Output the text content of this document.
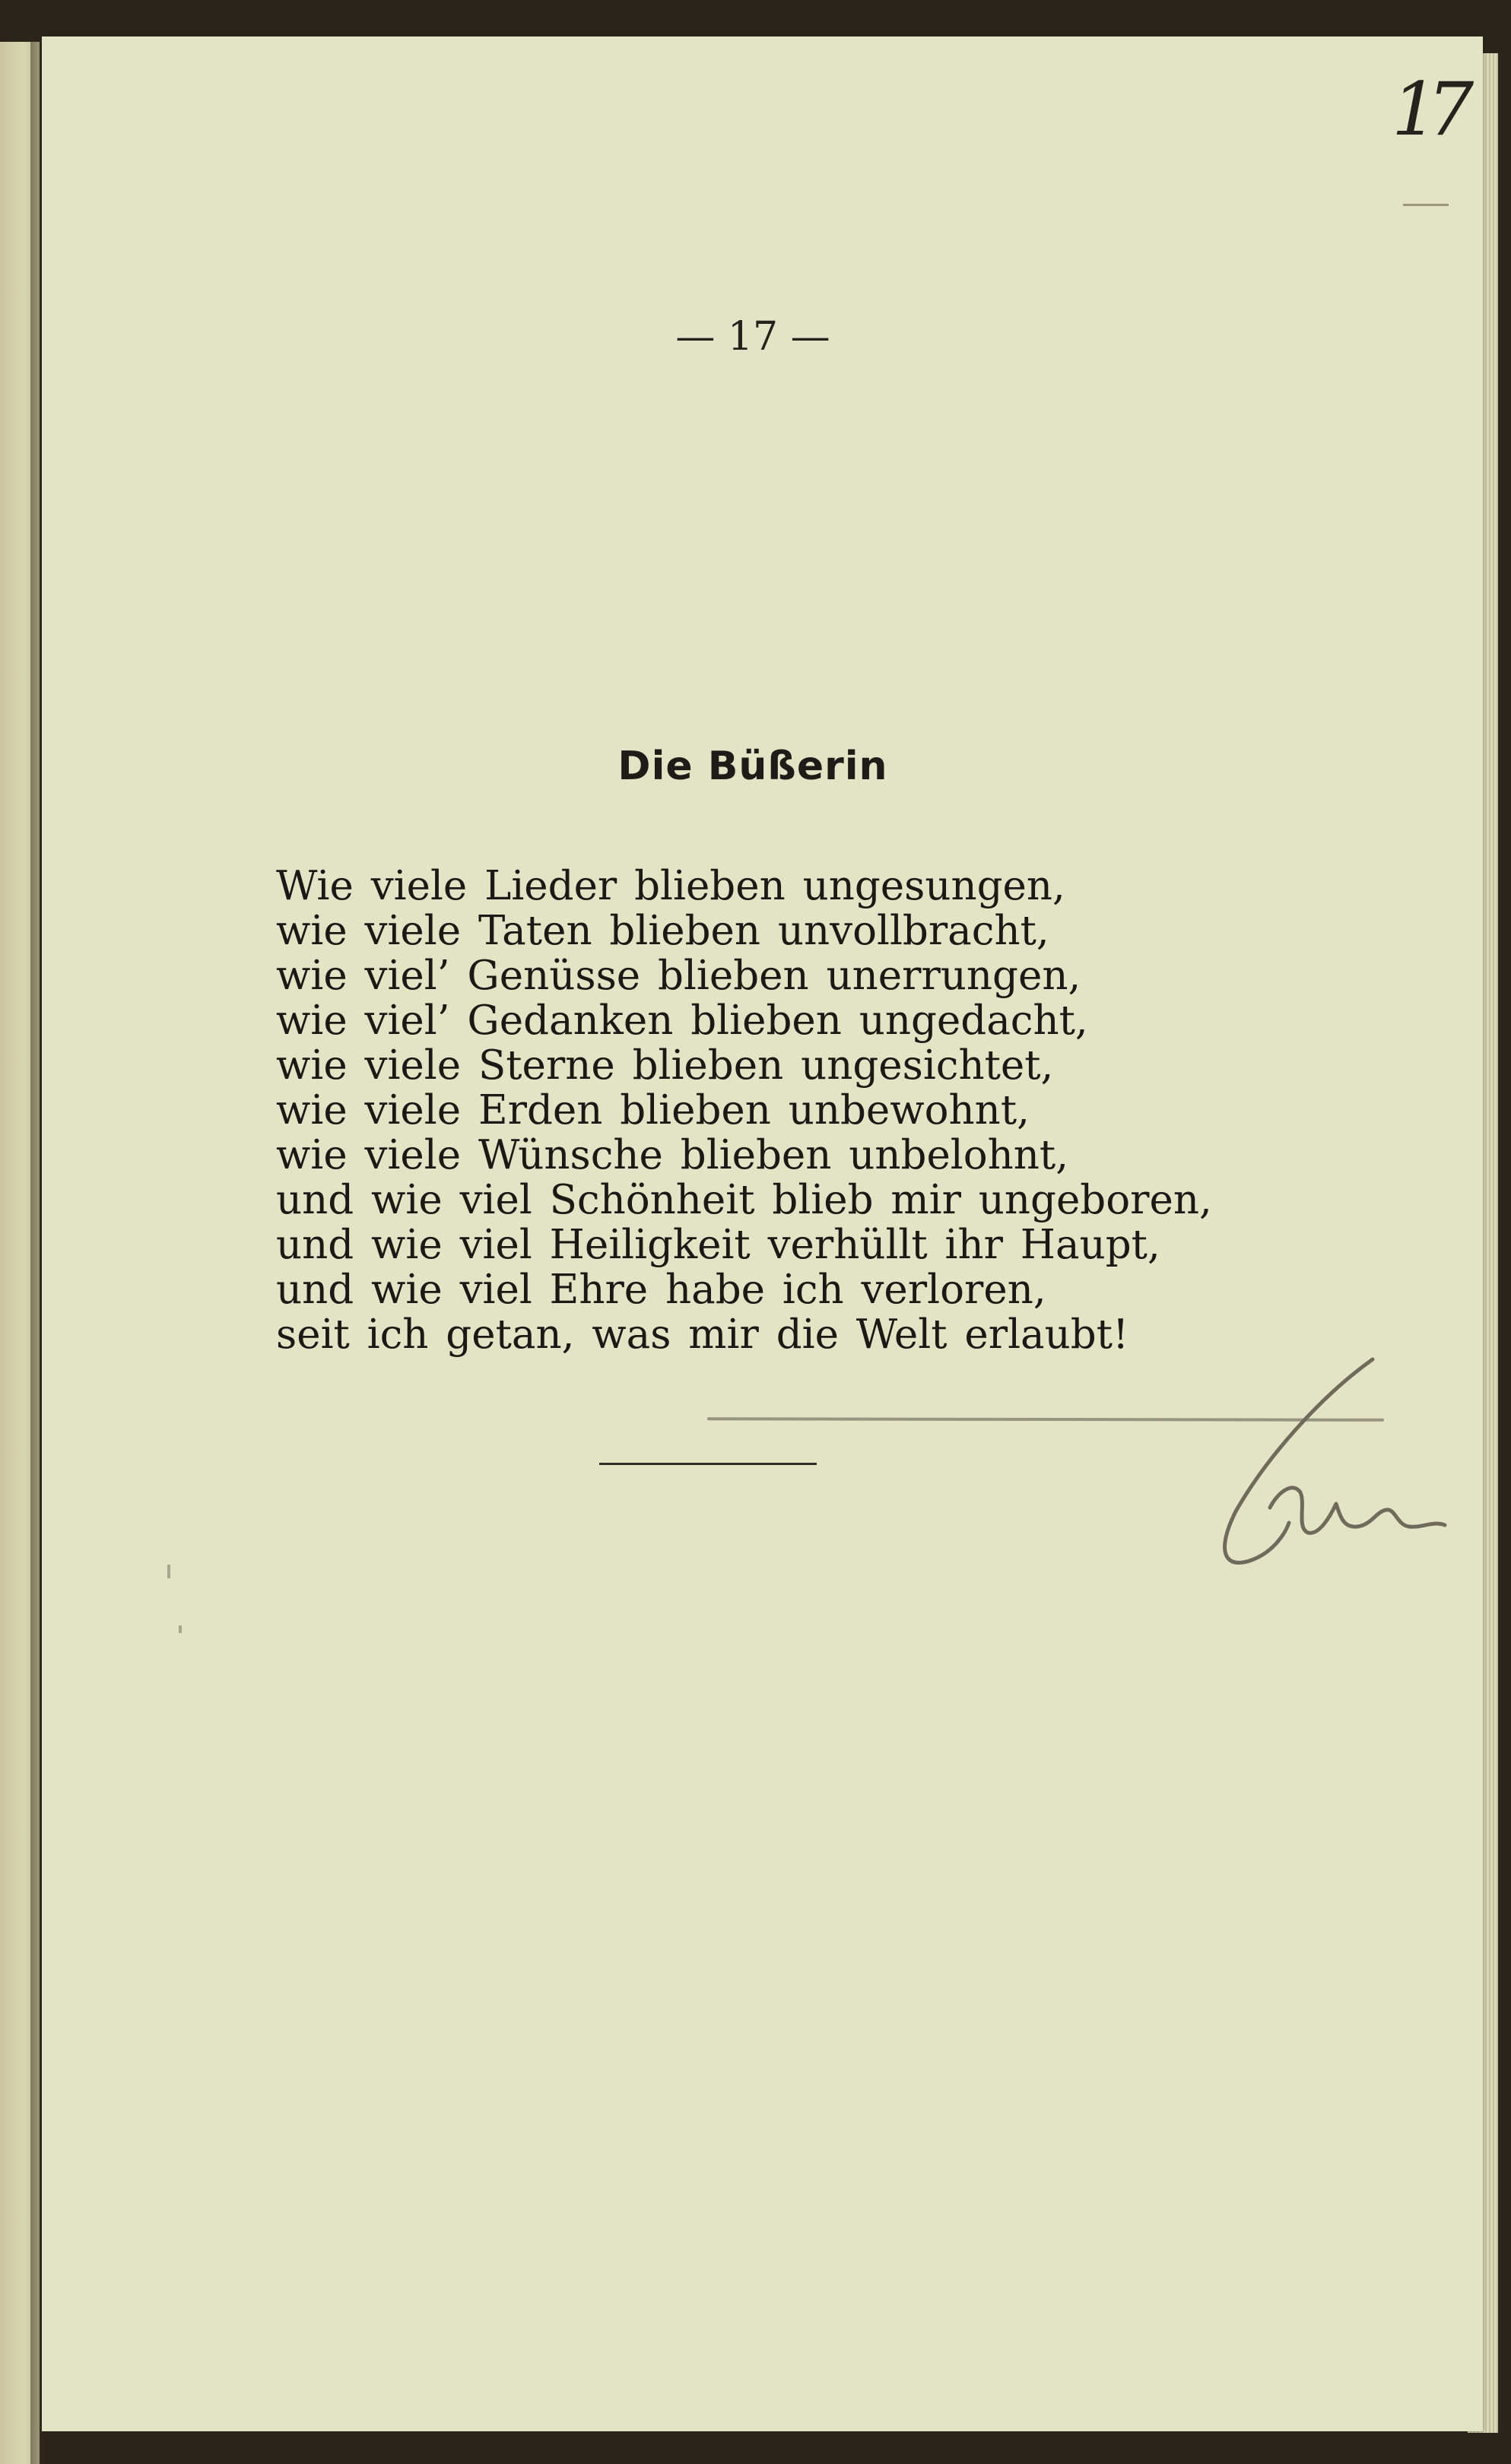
17
— 17 —
Die Büßerin
Wie viele Lieder blieben ungesungen,
wie viele Taten blieben unvollbracht,
wie viel’ Genüsse blieben unerrungen,
wie viel’ Gedanken blieben ungedacht,
wie viele Sterne blieben ungesichtet,
wie viele Erden blieben unbewohnt,
wie viele Wünsche blieben unbelohnt,
und wie viel Schönheit blieb mir ungeboren,
und wie viel Heiligkeit verhüllt ihr Haupt,
und wie viel Ehre habe ich verloren,
seit ich getan, was mir die Welt erlaubt!
